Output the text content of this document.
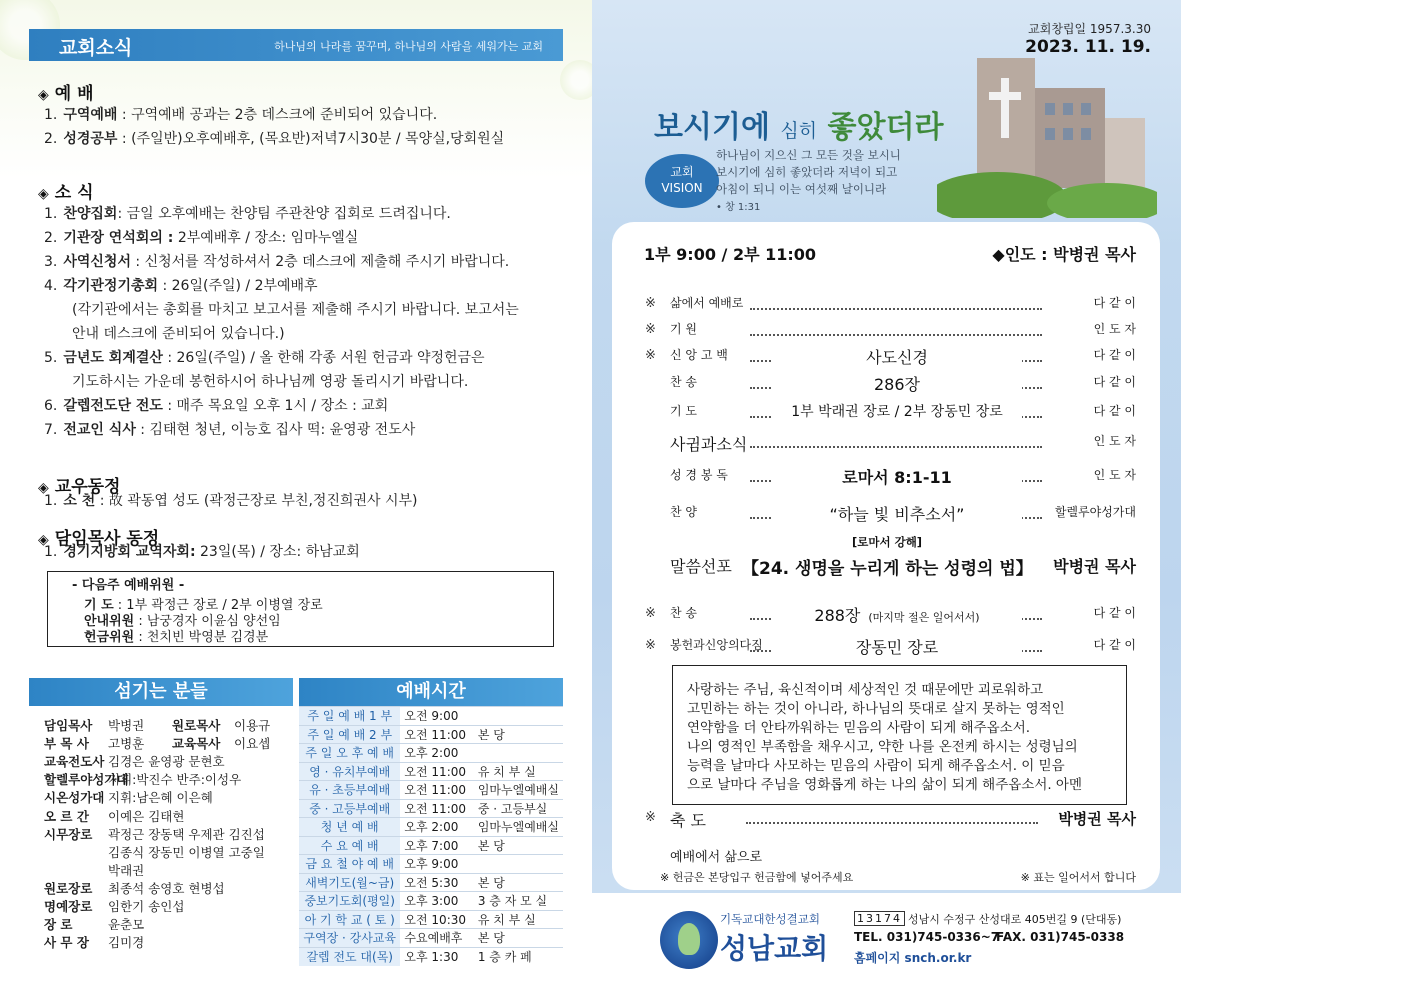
교회소식	하나님의 나라를 꿈꾸며, 하나님의 사람을 세워가는 교회
◈ 예 배
1. 구역예배 : 구역예배 공과는 2층 데스크에 준비되어 있습니다.
2. 성경공부 : (주일반)오후예배후, (목요반)저녁7시30분 / 목양실,당회원실
◈ 소 식
1. 찬양집회: 금일 오후예배는 찬양팀 주관찬양 집회로 드려집니다.
2. 기관장 연석회의 : 2부예배후 / 장소: 임마누엘실
3. 사역신청서 : 신청서를 작성하셔서 2층 데스크에 제출해 주시기 바랍니다.
4. 각기관정기총회 : 26일(주일) / 2부예배후
(각기관에서는 총회를 마치고 보고서를 제출해 주시기 바랍니다. 보고서는
안내 데스크에 준비되어 있습니다.)
5. 금년도 회계결산 : 26일(주일) / 올 한해 각종 서원 헌금과 약정헌금은
기도하시는 가운데 봉헌하시어 하나님께 영광 돌리시기 바랍니다.
6. 갈렙전도단 전도 : 매주 목요일 오후 1시 / 장소 : 교회
7. 전교인 식사 : 김태현 청년, 이능호 집사 떡: 윤영광 전도사
◈ 교우동정
1. 소 천 : 故 곽동엽 성도 (곽정근장로 부친,정진희권사 시부)
◈ 담임목사 동정
1. 경기지방회 교역자회: 23일(목) / 장소: 하남교회
- 다음주 예배위원 -
기 도 : 1부 곽정근 장로 / 2부 이병열 장로
안내위원 : 남궁경자 이윤심 양선임
헌금위원 : 천치빈 박영분 김경분
섬기는 분들	예배시간
담임목사 박병권 원로목사 이용규
부 목 사 고병훈 교육목사 이요셉
교육전도사 김경은 윤영광 문현호
할렐루야성가대지휘:박진수 반주:이성우
시온성가대 지휘:남은혜 이은혜
오 르 간 이예은 김태현
시무장로 곽정근 장동택 우제관 김진섭
김종식 장동민 이병열 고중일
박래권
원로장로 최종석 송영호 현병섭
명예장로 임한기 송인섭
장 로	윤춘모
사 무 장 김미경
주 일 예 배 1 부	오전 9:00	
주 일 예 배 2 부	오전 11:00	본 당
주 일 오 후 예 배	오후 2:00	
영 · 유치부예배	오전 11:00	유 치 부 실
유 · 초등부예배	오전 11:00	임마누엘예배실
중 · 고등부예배	오전 11:00	중 · 고등부실
청 년 예 배	오후 2:00	임마누엘예배실
수 요 예 배	오후 7:00	본 당
금 요 철 야 예 배	오후 9:00	
새벽기도(월~금)	오전 5:30	본 당
중보기도회(평일)	오후 3:00	3 층 자 모 실
아 기 학 교 ( 토 )	오전 10:30	유 치 부 실
구역장 · 강사교육	수요예배후	본 당
갈렙 전도 대(목)	오후 1:30	1 층 카 페
교회창립일 1957.3.30
2023. 11. 19.
보시기에 심히 좋았더라
교회
VISION
하나님이 지으신 그 모든 것을 보시니
보시기에 심히 좋았더라 저녁이 되고
아침이 되니 이는 여섯째 날이니라
• 창 1:31
1부 9:00 / 2부 11:00	◆인도 : 박병권 목사
※ 삶에서 예배로	다 같 이
※ 기 원	인 도 자
※ 신 앙 고 백	사도신경	다 같 이
찬 송	286장	다 같 이
기 도	1부 박래권 장로 / 2부 장동민 장로	다 같 이
사귐과소식	인 도 자
성 경 봉 독	로마서 8:1-11	인 도 자
찬 양	“하늘 빛 비추소서”	할렐루야성가대
[로마서 강해]
말씀선포 【24. 생명을 누리게 하는 성령의 법】 박병권 목사
※ 찬 송	288장 (마지막 절은 일어서서)	다 같 이
※ 봉헌과신앙의다짐	장동민 장로	다 같 이
사랑하는 주님, 육신적이며 세상적인 것 때문에만 괴로워하고
고민하는 하는 것이 아니라, 하나님의 뜻대로 살지 못하는 영적인
연약함을 더 안타까워하는 믿음의 사람이 되게 해주옵소서.
나의 영적인 부족함을 채우시고, 약한 나를 온전케 하시는 성령님의
능력을 날마다 사모하는 믿음의 사람이 되게 해주옵소서. 이 믿음
으로 날마다 주님을 영화롭게 하는 나의 삶이 되게 해주옵소서. 아멘
※ 축 도	박병권 목사
예배에서 삶으로
※ 헌금은 본당입구 헌금함에 넣어주세요	※ 표는 일어서서 합니다
기독교대한성결교회
성남교회
13174 성남시 수정구 산성대로 405번길 9 (단대동)
TEL. 031)745-0336~7
FAX. 031)745-0338
홈페이지 snch.or.kr
